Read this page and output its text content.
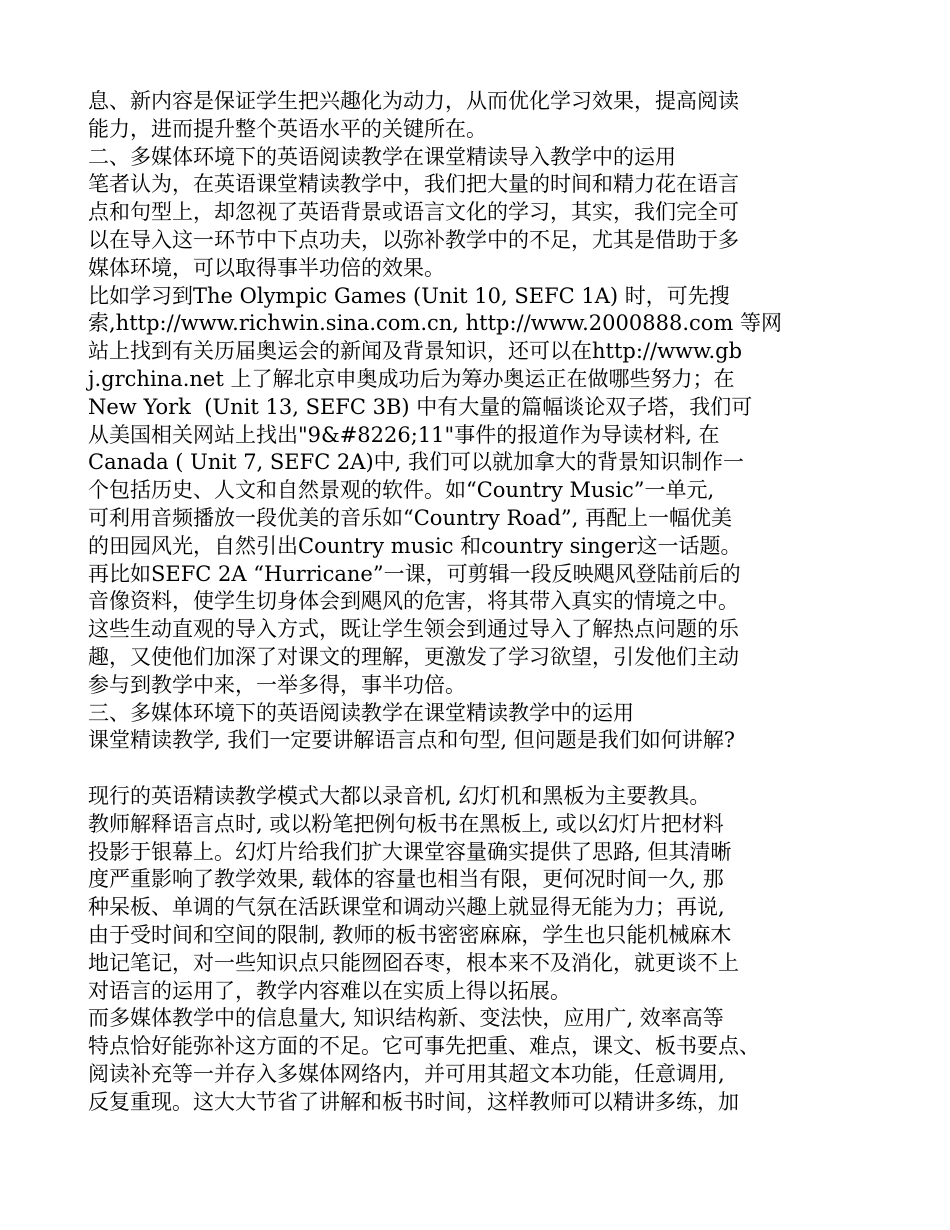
息、新内容是保证学生把兴趣化为动力，从而优化学习效果，提高阅读
能力，进而提升整个英语水平的关键所在。
二、多媒体环境下的英语阅读教学在课堂精读导入教学中的运用
笔者认为，在英语课堂精读教学中，我们把大量的时间和精力花在语言
点和句型上，却忽视了英语背景或语言文化的学习，其实，我们完全可
以在导入这一环节中下点功夫，以弥补教学中的不足，尤其是借助于多
媒体环境，可以取得事半功倍的效果。
比如学习到The Olympic Games (Unit 10, SEFC 1A) 时，可先搜
索,http://www.richwin.sina.com.cn, http://www.2000888.com 等网
站上找到有关历届奥运会的新闻及背景知识，还可以在http://www.gb
j.grchina.net 上了解北京申奥成功后为筹办奥运正在做哪些努力；在
New York  (Unit 13, SEFC 3B) 中有大量的篇幅谈论双子塔，我们可
从美国相关网站上找出"9&#8226;11"事件的报道作为导读材料, 在
Canada ( Unit 7, SEFC 2A)中, 我们可以就加拿大的背景知识制作一
个包括历史、人文和自然景观的软件。如“Country Music”一单元,
可利用音频播放一段优美的音乐如“Country Road”, 再配上一幅优美
的田园风光，自然引出Country music 和country singer这一话题。
再比如SEFC 2A “Hurricane”一课，可剪辑一段反映飓风登陆前后的
音像资料，使学生切身体会到飓风的危害，将其带入真实的情境之中。
这些生动直观的导入方式，既让学生领会到通过导入了解热点问题的乐
趣，又使他们加深了对课文的理解，更激发了学习欲望，引发他们主动
参与到教学中来，一举多得，事半功倍。
三、多媒体环境下的英语阅读教学在课堂精读教学中的运用
课堂精读教学, 我们一定要讲解语言点和句型, 但问题是我们如何讲解?
现行的英语精读教学模式大都以录音机, 幻灯机和黑板为主要教具。
教师解释语言点时, 或以粉笔把例句板书在黑板上, 或以幻灯片把材料
投影于银幕上。幻灯片给我们扩大课堂容量确实提供了思路, 但其清晰
度严重影响了教学效果, 载体的容量也相当有限，更何况时间一久, 那
种呆板、单调的气氛在活跃课堂和调动兴趣上就显得无能为力；再说,
由于受时间和空间的限制, 教师的板书密密麻麻，学生也只能机械麻木
地记笔记，对一些知识点只能囫囵吞枣，根本来不及消化，就更谈不上
对语言的运用了，教学内容难以在实质上得以拓展。
而多媒体教学中的信息量大, 知识结构新、变法快，应用广, 效率高等
特点恰好能弥补这方面的不足。它可事先把重、难点，课文、板书要点、
阅读补充等一并存入多媒体网络内，并可用其超文本功能，任意调用,
反复重现。这大大节省了讲解和板书时间，这样教师可以精讲多练，加
